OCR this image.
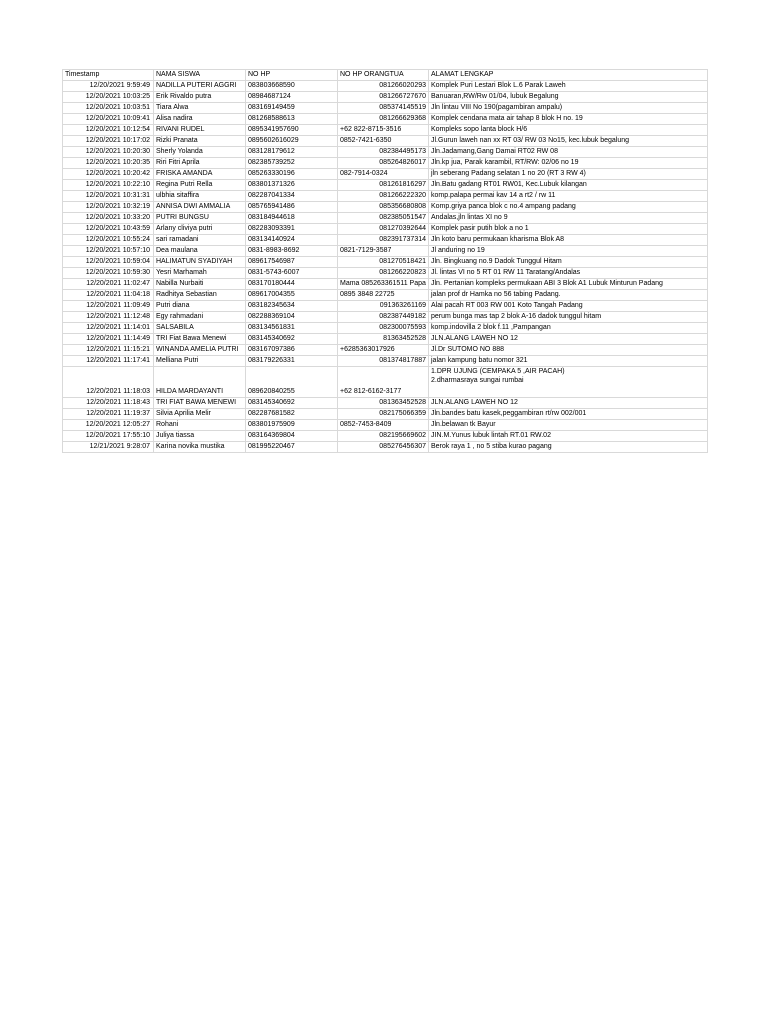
Timestamp	NAMA SISWA	NO HP	NO HP ORANGTUA	ALAMAT LENGKAP
12/20/2021 9:59:49	NADILLA PUTERI AGGRI	083803668590	081266020293	Komplek Puri Lestari Blok L.6 Parak Laweh
12/20/2021 10:03:25	Erik Rivaldo putra	08984687124	081266727670	Banuaran,RW/Rw 01/04, lubuk Begalung
12/20/2021 10:03:51	Tiara Alwa	083169149459	085374145519	Jln lintau VIII No 190(pagambiran ampalu)
12/20/2021 10:09:41	Alisa nadira	081268588613	081266629368	Komplek cendana mata air tahap 8 blok H no. 19
12/20/2021 10:12:54	RIVANI RUDEL	0895341957690	+62 822-8715-3516	Kompleks sopo lanta block H/6
12/20/2021 10:17:02	Rizki Pranata	0895602616029	0852-7421-6350	Jl.Gurun laweh nan xx RT 03/ RW 03 No15, kec.lubuk begalung
12/20/2021 10:20:30	Sherly Yolanda	083128179612	082384495173	Jln.Jadamang,Gang Damai RT02 RW 08
12/20/2021 10:20:35	Riri Fitri Aprila	082385739252	085264826017	Jln.kp jua, Parak karambil, RT/RW: 02/06 no 19
12/20/2021 10:20:42	FRISKA AMANDA	085263330196	082-7914-0324	jln seberang Padang selatan 1 no 20 (RT 3 RW 4)
12/20/2021 10:22:10	Regina Putri Rella	083801371326	081261816297	Jln.Batu gadang RT01 RW01, Kec.Lubuk kilangan
12/20/2021 10:31:31	ulbhia sitaffira	082287041334	081266222320	komp.palapa permai kav 14 a rt2 / rw 11
12/20/2021 10:32:19	ANNISA DWI AMMALIA	085765941486	085356680808	Komp.griya panca blok c no.4 ampang padang
12/20/2021 10:33:20	PUTRI BUNGSU	083184944618	082385051547	Andalas,jln lintas XI no 9
12/20/2021 10:43:59	Arlany cliviya putri	082283093391	081270392644	Komplek pasir putih blok a no 1
12/20/2021 10:55:24	sari ramadani	083134140924	082391737314	Jln koto baru permukaan kharisma Blok A8
12/20/2021 10:57:10	Dea maulana	0831-8983-8692	0821-7129-3587	Jl anduring no 19
12/20/2021 10:59:04	HALIMATUN SYADIYAH	089617546987	081270518421	Jln. Bingkuang no.9 Dadok Tunggul Hitam
12/20/2021 10:59:30	Yesri Marhamah	0831-5743-6007	081266220823	Jl. lintas VI no 5 RT 01 RW 11 Taratang/Andalas
12/20/2021 11:02:47	Nabilla Nurbaiti	083170180444	Mama 085263361511 Papa	Jln. Pertanian kompleks permukaan ABI 3 Blok A1 Lubuk Minturun Padang
12/20/2021 11:04:18	Radhitya Sebastian	089617004355	0895 3848 22725	jalan prof dr Hamka no 56 tabing Padang.
12/20/2021 11:09:49	Putri diana	083182345634	091363261169	Alai pacah RT 003 RW 001 Koto Tangah Padang
12/20/2021 11:12:48	Egy rahmadani	082288369104	082387449182	perum bunga mas tap 2 blok A-16 dadok tunggul hitam
12/20/2021 11:14:01	SALSABILA	083134561831	082300075593	komp.indovilla 2 blok f.11 ,Pampangan
12/20/2021 11:14:49	TRI Fiat Bawa Menewi	083145340692	81363452528	JLN.ALANG LAWEH NO 12
12/20/2021 11:15:21	WINANDA AMELIA PUTRI	083167097386	+6285363017926	Jl.Dr SUTOMO NO 888
12/20/2021 11:17:41	Melliana Putri	083179226331	081374817887	jalan kampung batu nomor 321
12/20/2021 11:18:03	HILDA MARDAYANTI	089620840255	+62 812-6162-3177	1.DPR UJUNG (CEMPAKA 5 ,AIR PACAH)
2.dharmasraya sungai rumbai

12/20/2021 11:18:43	TRI FIAT BAWA MENEWI	083145340692	081363452528	JLN.ALANG LAWEH NO 12
12/20/2021 11:19:37	Silvia Aprilia Melir	082287681582	082175066359	Jln.bandes batu kasek,peggambiran rt/rw 002/001
12/20/2021 12:05:27	Rohani	083801975909	0852-7453-8409	Jln.belawan tk Bayur
12/20/2021 17:55:10	Juliya tiassa	083164369804	082195669602	JIN.M.Yunus lubuk lintah RT.01 RW.02
12/21/2021 9:28:07	Karina novika mustika	081995220467	085276456307	Berok raya 1 , no 5 stiba kurao pagang
